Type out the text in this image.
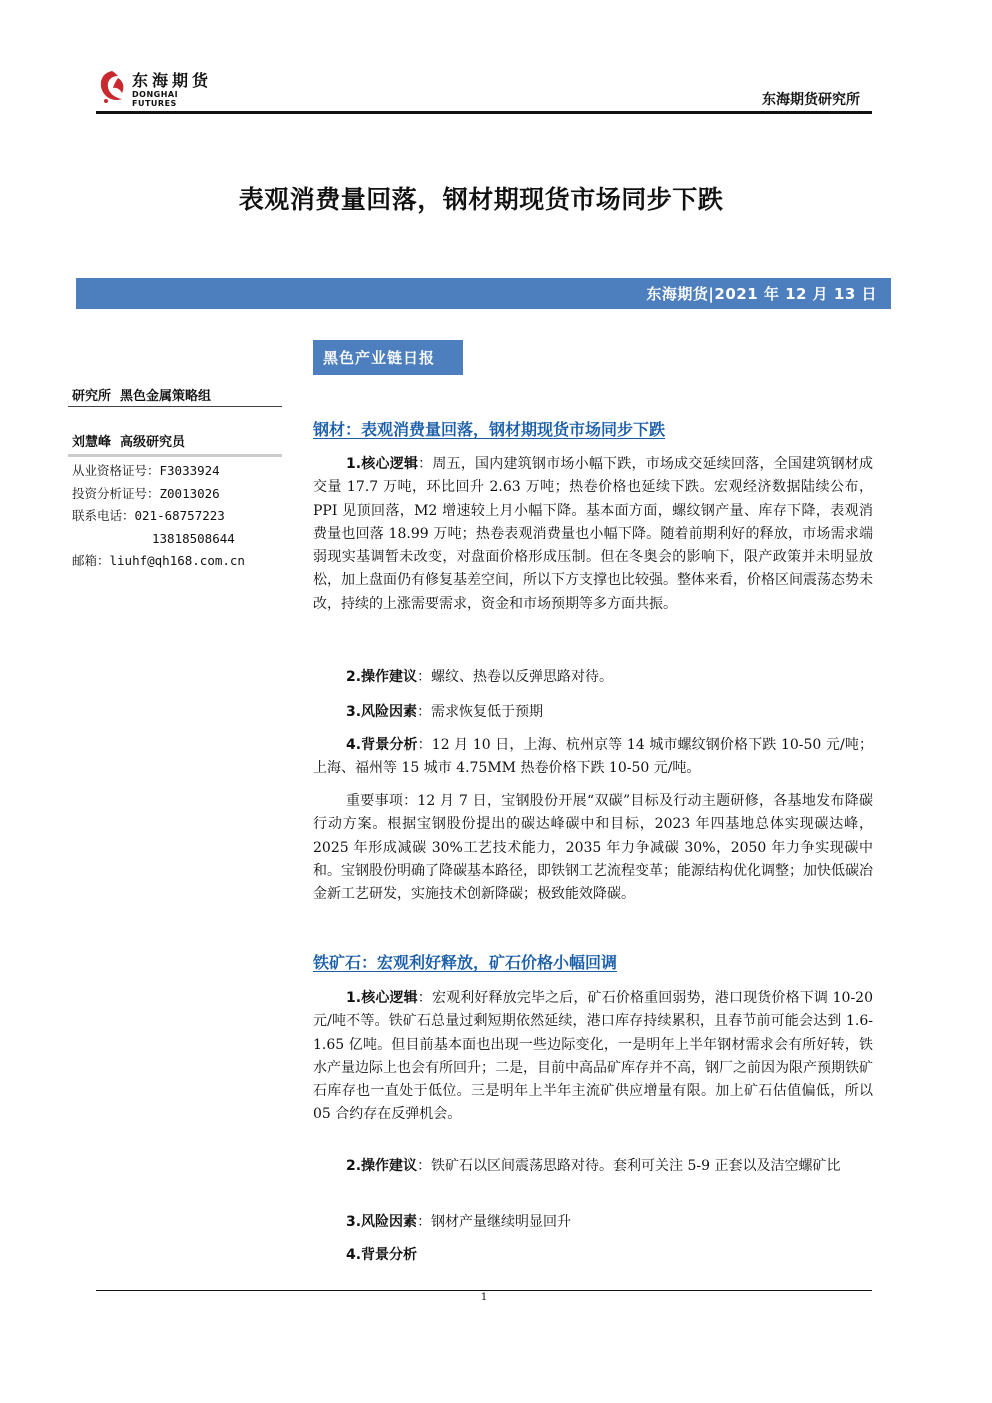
东海期货
DONGHAI FUTURES	东海期货研究所
表观消费量回落，钢材期现货市场同步下跌
东海期货|2021 年 12 月 13 日
黑色产业链日报
研究所  黑色金属策略组
刘慧峰  高级研究员
从业资格证号：F3033924
投资分析证号：Z0013026
联系电话：021-68757223
13818508644
邮箱：liuhf@qh168.com.cn
钢材：表观消费量回落，钢材期现货市场同步下跌

1.核心逻辑：周五，国内建筑钢市场小幅下跌，市场成交延续回落，全国建筑钢材成交量 17.7 万吨，环比回升 2.63 万吨；热卷价格也延续下跌。宏观经济数据陆续公布，PPI 见顶回落，M2 增速较上月小幅下降。基本面方面，螺纹钢产量、库存下降，表观消费量也回落 18.99 万吨；热卷表观消费量也小幅下降。随着前期利好的释放，市场需求端弱现实基调暂未改变，对盘面价格形成压制。但在冬奥会的影响下，限产政策并未明显放松，加上盘面仍有修复基差空间，所以下方支撑也比较强。整体来看，价格区间震荡态势未改，持续的上涨需要需求，资金和市场预期等多方面共振。

2.操作建议：螺纹、热卷以反弹思路对待。

3.风险因素：需求恢复低于预期

4.背景分析：12 月 10 日，上海、杭州京等 14 城市螺纹钢价格下跌 10-50 元/吨；上海、福州等 15 城市 4.75MM 热卷价格下跌 10-50 元/吨。

重要事项：12 月 7 日，宝钢股份开展“双碳”目标及行动主题研修，各基地发布降碳行动方案。根据宝钢股份提出的碳达峰碳中和目标，2023 年四基地总体实现碳达峰，2025 年形成减碳 30%工艺技术能力，2035 年力争减碳 30%，2050 年力争实现碳中和。宝钢股份明确了降碳基本路径，即铁钢工艺流程变革；能源结构优化调整；加快低碳冶金新工艺研发，实施技术创新降碳；极致能效降碳。

铁矿石：宏观利好释放，矿石价格小幅回调

1.核心逻辑：宏观利好释放完毕之后，矿石价格重回弱势，港口现货价格下调 10-20 元/吨不等。铁矿石总量过剩短期依然延续，港口库存持续累积，且春节前可能会达到 1.6-1.65 亿吨。但目前基本面也出现一些边际变化，一是明年上半年钢材需求会有所好转，铁水产量边际上也会有所回升；二是，目前中高品矿库存并不高，钢厂之前因为限产预期铁矿石库存也一直处于低位。三是明年上半年主流矿供应增量有限。加上矿石估值偏低，所以 05 合约存在反弹机会。

2.操作建议：铁矿石以区间震荡思路对待。套利可关注 5-9 正套以及洁空螺矿比

3.风险因素：钢材产量继续明显回升

4.背景分析

1
